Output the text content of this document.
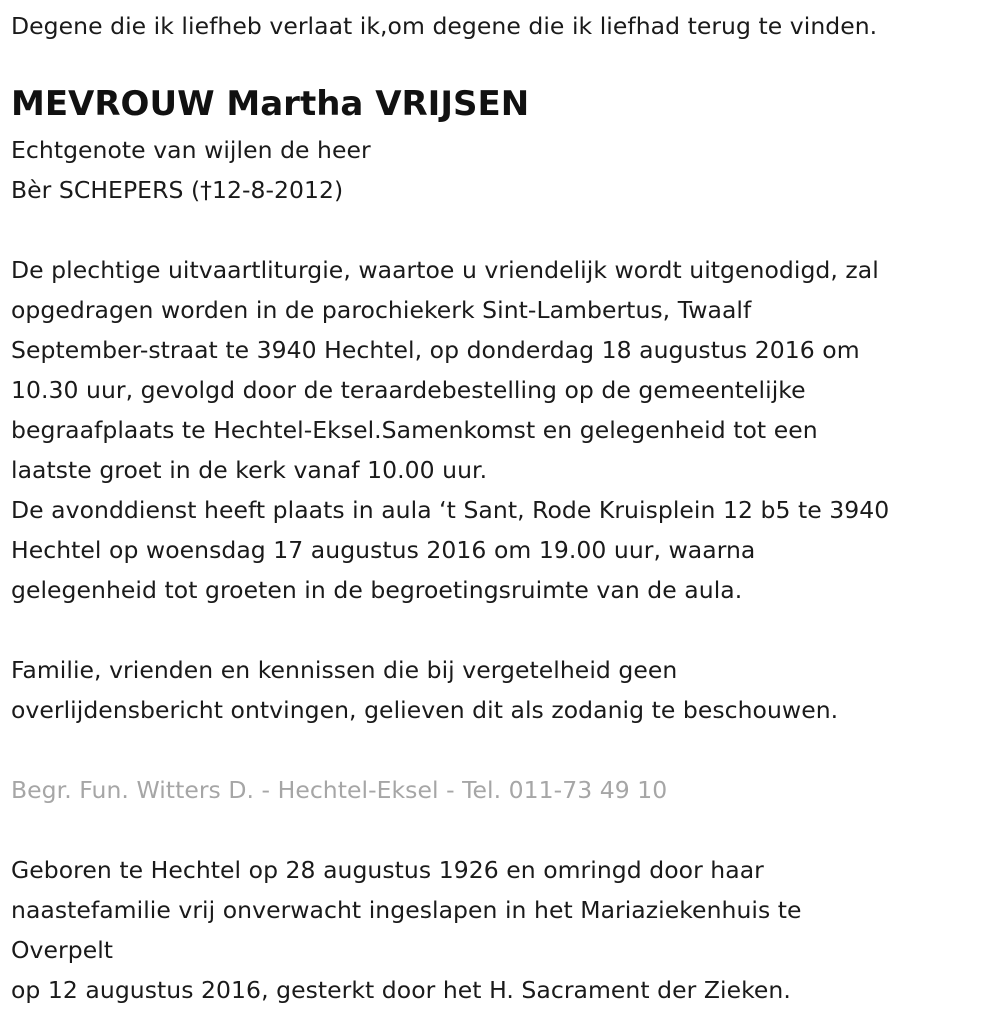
Degene die ik liefheb verlaat ik,om degene die ik liefhad terug te vinden.
MEVROUW Martha VRIJSEN
Echtgenote van wijlen de heer
Bèr SCHEPERS (†12-8-2012)
De plechtige uitvaartliturgie, waartoe u vriendelijk wordt uitgenodigd, zal
opgedragen worden in de parochiekerk Sint-Lambertus, Twaalf
September-straat te 3940 Hechtel, op donderdag 18 augustus 2016 om
10.30 uur, gevolgd door de teraardebestelling op de gemeentelijke
begraafplaats te Hechtel-Eksel.Samenkomst en gelegenheid tot een
laatste groet in de kerk vanaf 10.00 uur.
De avonddienst heeft plaats in aula ‘t Sant, Rode Kruisplein 12 b5 te 3940
Hechtel op woensdag 17 augustus 2016 om 19.00 uur, waarna
gelegenheid tot groeten in de begroetingsruimte van de aula.
Familie, vrienden en kennissen die bij vergetelheid geen
overlijdensbericht ontvingen, gelieven dit als zodanig te beschouwen.
Begr. Fun. Witters D. - Hechtel-Eksel - Tel. 011-73 49 10
Geboren te Hechtel op 28 augustus 1926 en omringd door haar
naastefamilie vrij onverwacht ingeslapen in het Mariaziekenhuis te
Overpelt
op 12 augustus 2016, gesterkt door het H. Sacrament der Zieken.
